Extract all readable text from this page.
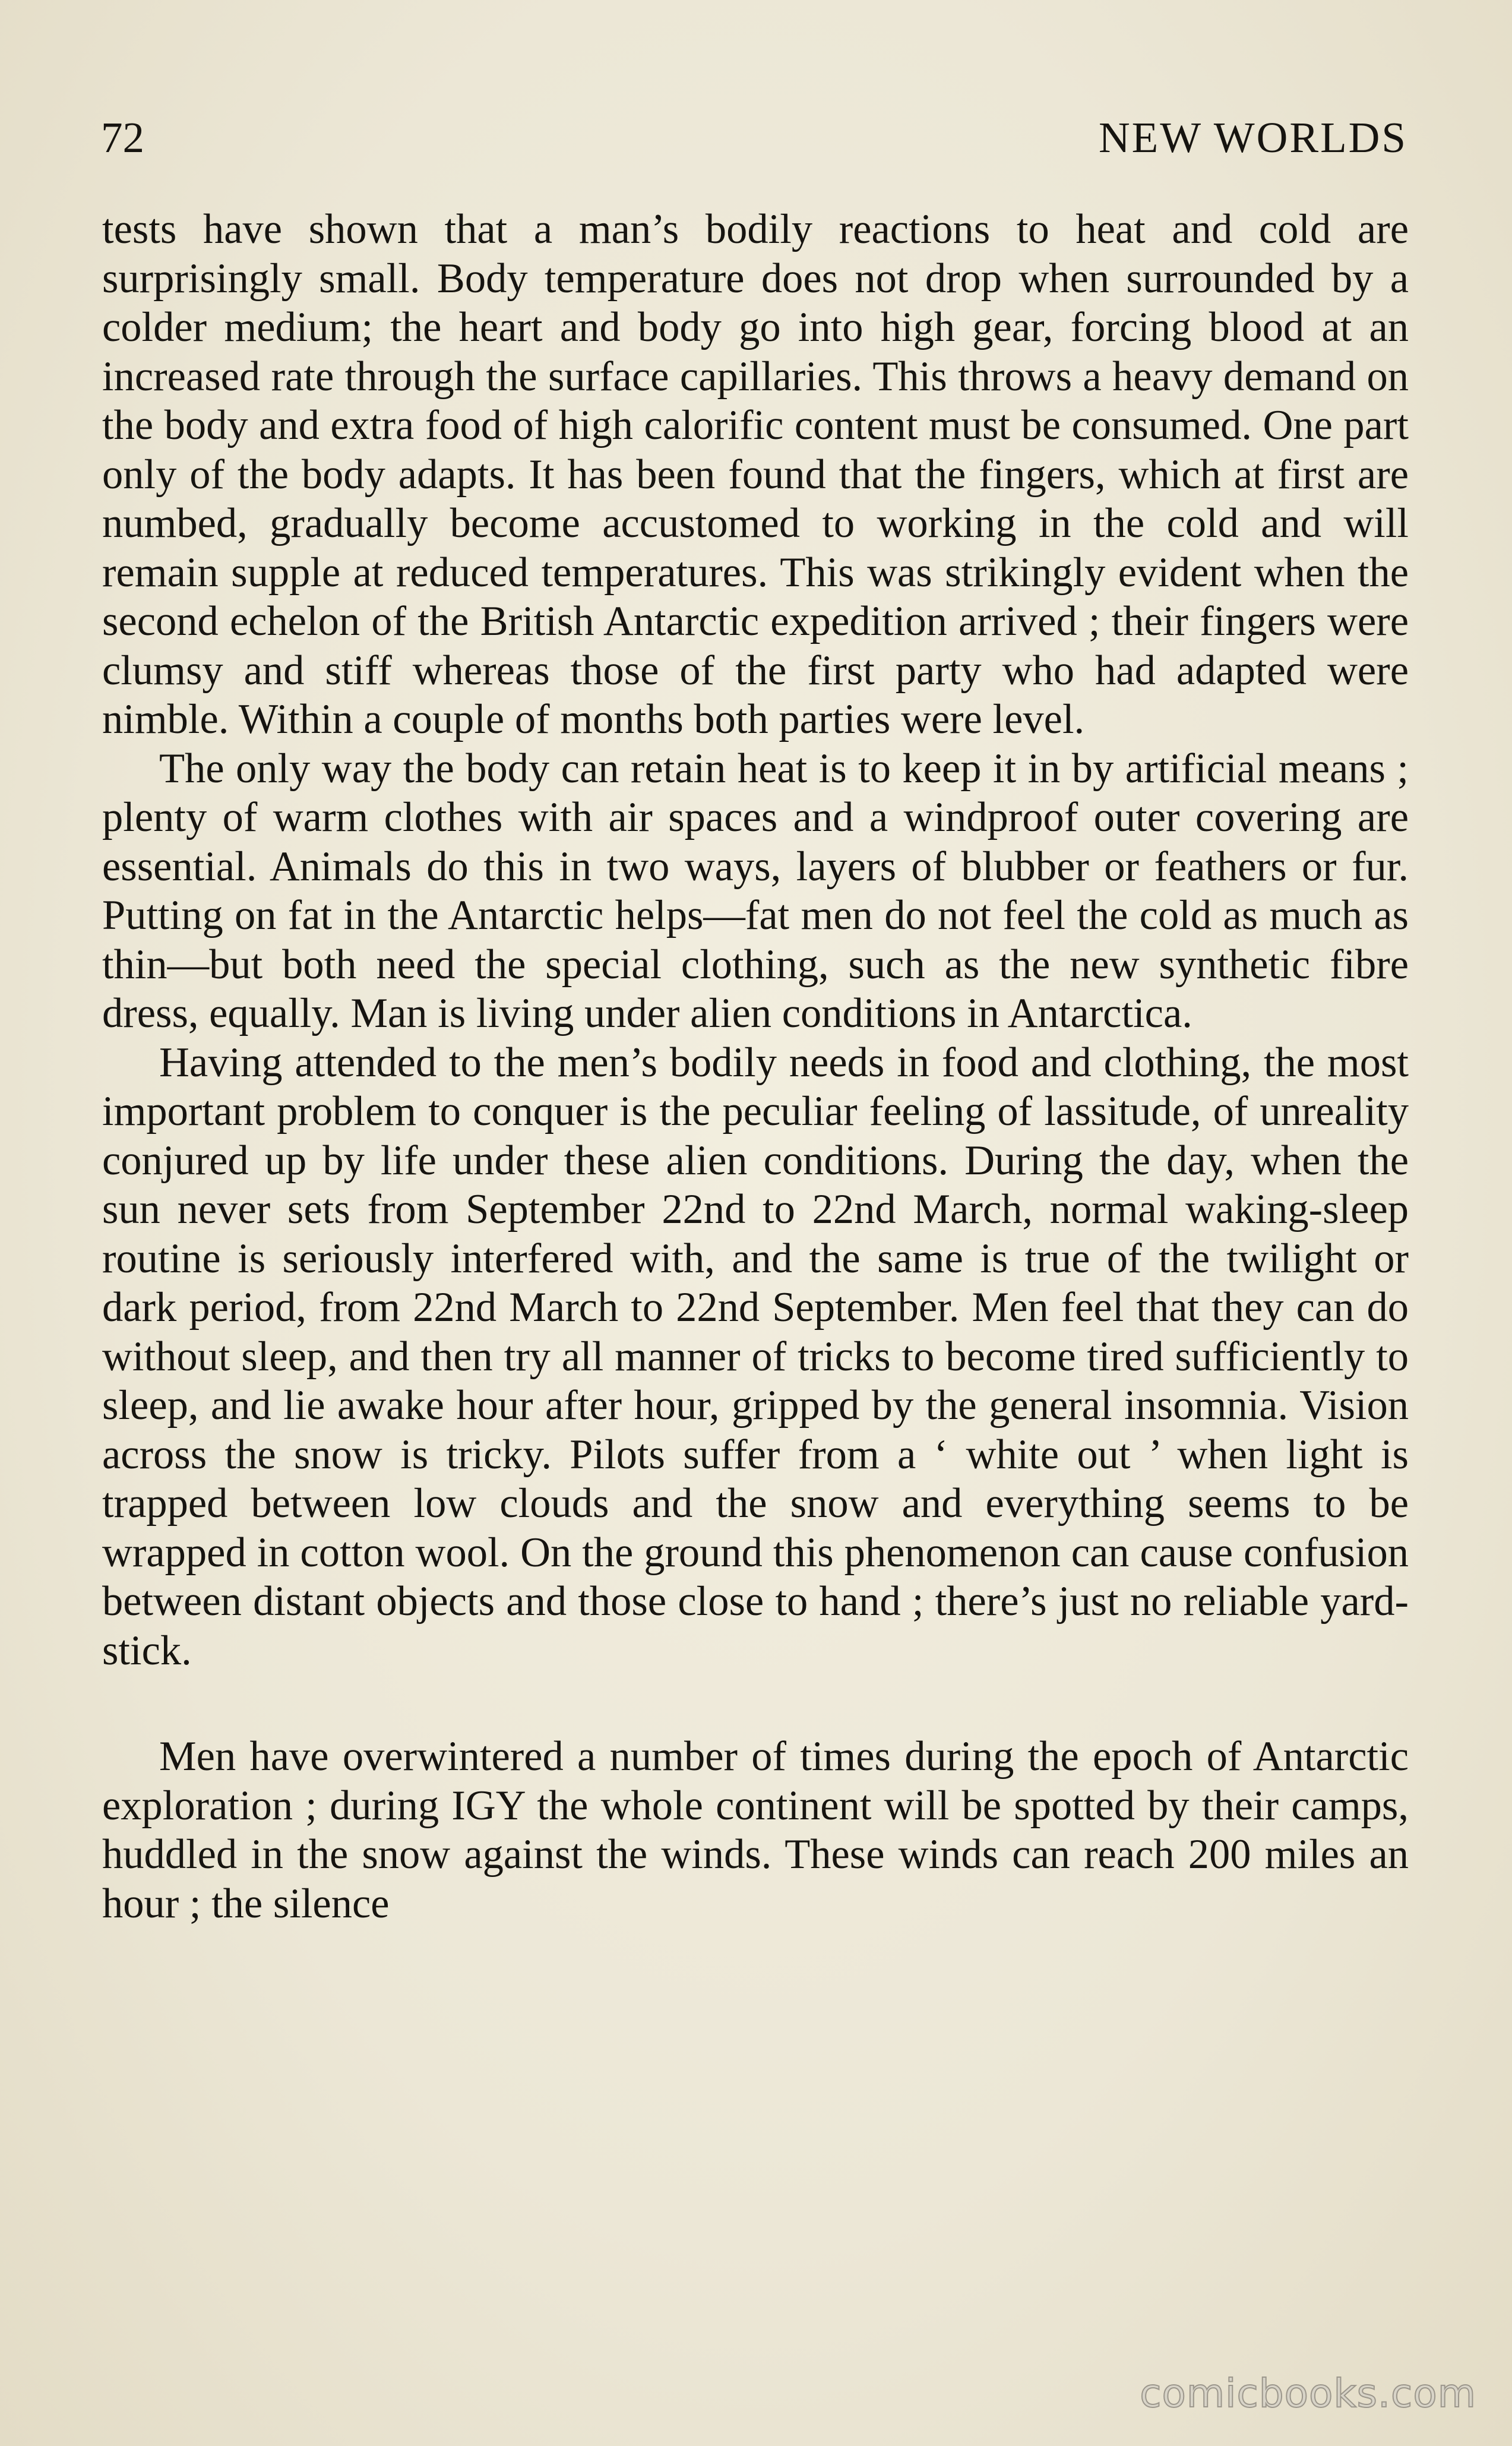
72	NEW WORLDS

tests have shown that a man’s bodily reactions to heat and cold are surprisingly small. Body temperature does not drop when surrounded by a colder medium; the heart and body go into high gear, forcing blood at an increased rate through the surface capillaries. This throws a heavy demand on the body and extra food of high calorific content must be consumed. One part only of the body adapts. It has been found that the fingers, which at first are numbed, gradually become accustomed to working in the cold and will remain supple at reduced temperatures. This was strikingly evident when the second echelon of the British Antarctic expedition arrived ; their fingers were clumsy and stiff whereas those of the first party who had adapted were nimble. Within a couple of months both parties were level.

The only way the body can retain heat is to keep it in by artificial means ; plenty of warm clothes with air spaces and a windproof outer covering are essential. Animals do this in two ways, layers of blubber or feathers or fur. Putting on fat in the Antarctic helps—fat men do not feel the cold as much as thin—but both need the special clothing, such as the new synthetic fibre dress, equally. Man is living under alien conditions in Antarctica.

Having attended to the men’s bodily needs in food and clothing, the most important problem to conquer is the peculiar feeling of lassitude, of unreality conjured up by life under these alien conditions. During the day, when the sun never sets from September 22nd to 22nd March, normal waking-sleep routine is seriously interfered with, and the same is true of the twilight or dark period, from 22nd March to 22nd September. Men feel that they can do without sleep, and then try all manner of tricks to become tired sufficiently to sleep, and lie awake hour after hour, gripped by the general insomnia. Vision across the snow is tricky. Pilots suffer from a ‘ white out ’ when light is trapped between low clouds and the snow and everything seems to be wrapped in cotton wool. On the ground this phenomenon can cause confusion between distant objects and those close to hand ; there’s just no reliable yard-stick.

Men have overwintered a number of times during the epoch of Antarctic exploration ; during IGY the whole continent will be spotted by their camps, huddled in the snow against the winds. These winds can reach 200 miles an hour ; the silence

comicbooks.com
